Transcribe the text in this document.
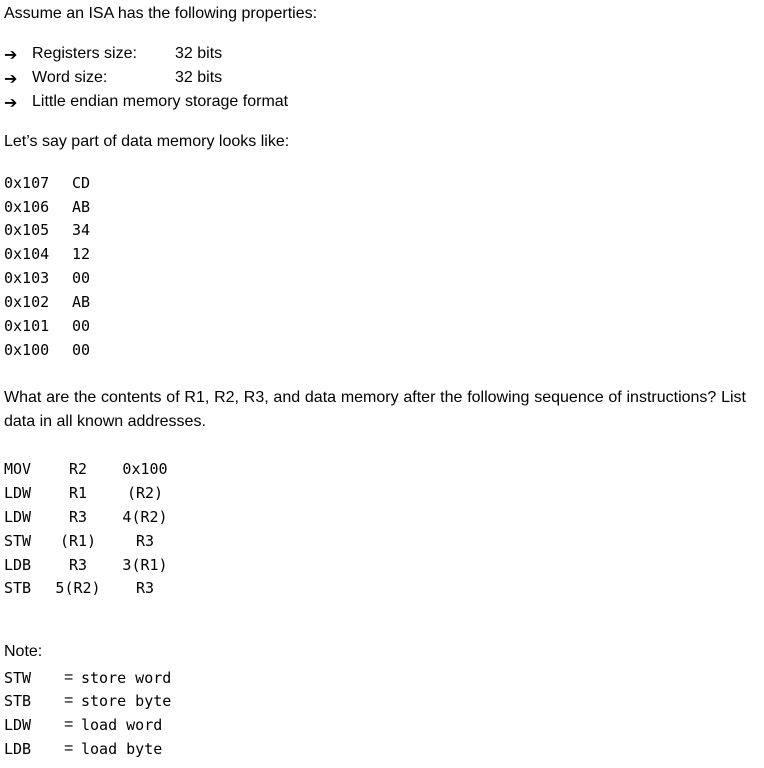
Assume an ISA has the following properties:
➔ Registers size: 32 bits
➔ Word size:	32 bits
➔ Little endian memory storage format
Let’s say part of data memory looks like:
0x107 CD
0x106 AB
0x105 34
0x104 12
0x103 00
0x102 AB
0x101 00
0x100 00
What are the contents of R1, R2, R3, and data memory after the following sequence of instructions? List data in all known addresses.
MOV	R2	0x100
LDW	R1	(R2)
LDW	R3	4(R2)
STW	(R1)	R3
LDB	R3	3(R1)
STB 5(R2)	R3
Note:
STW = store word
STB = store byte
LDW = load word
LDB = load byte
